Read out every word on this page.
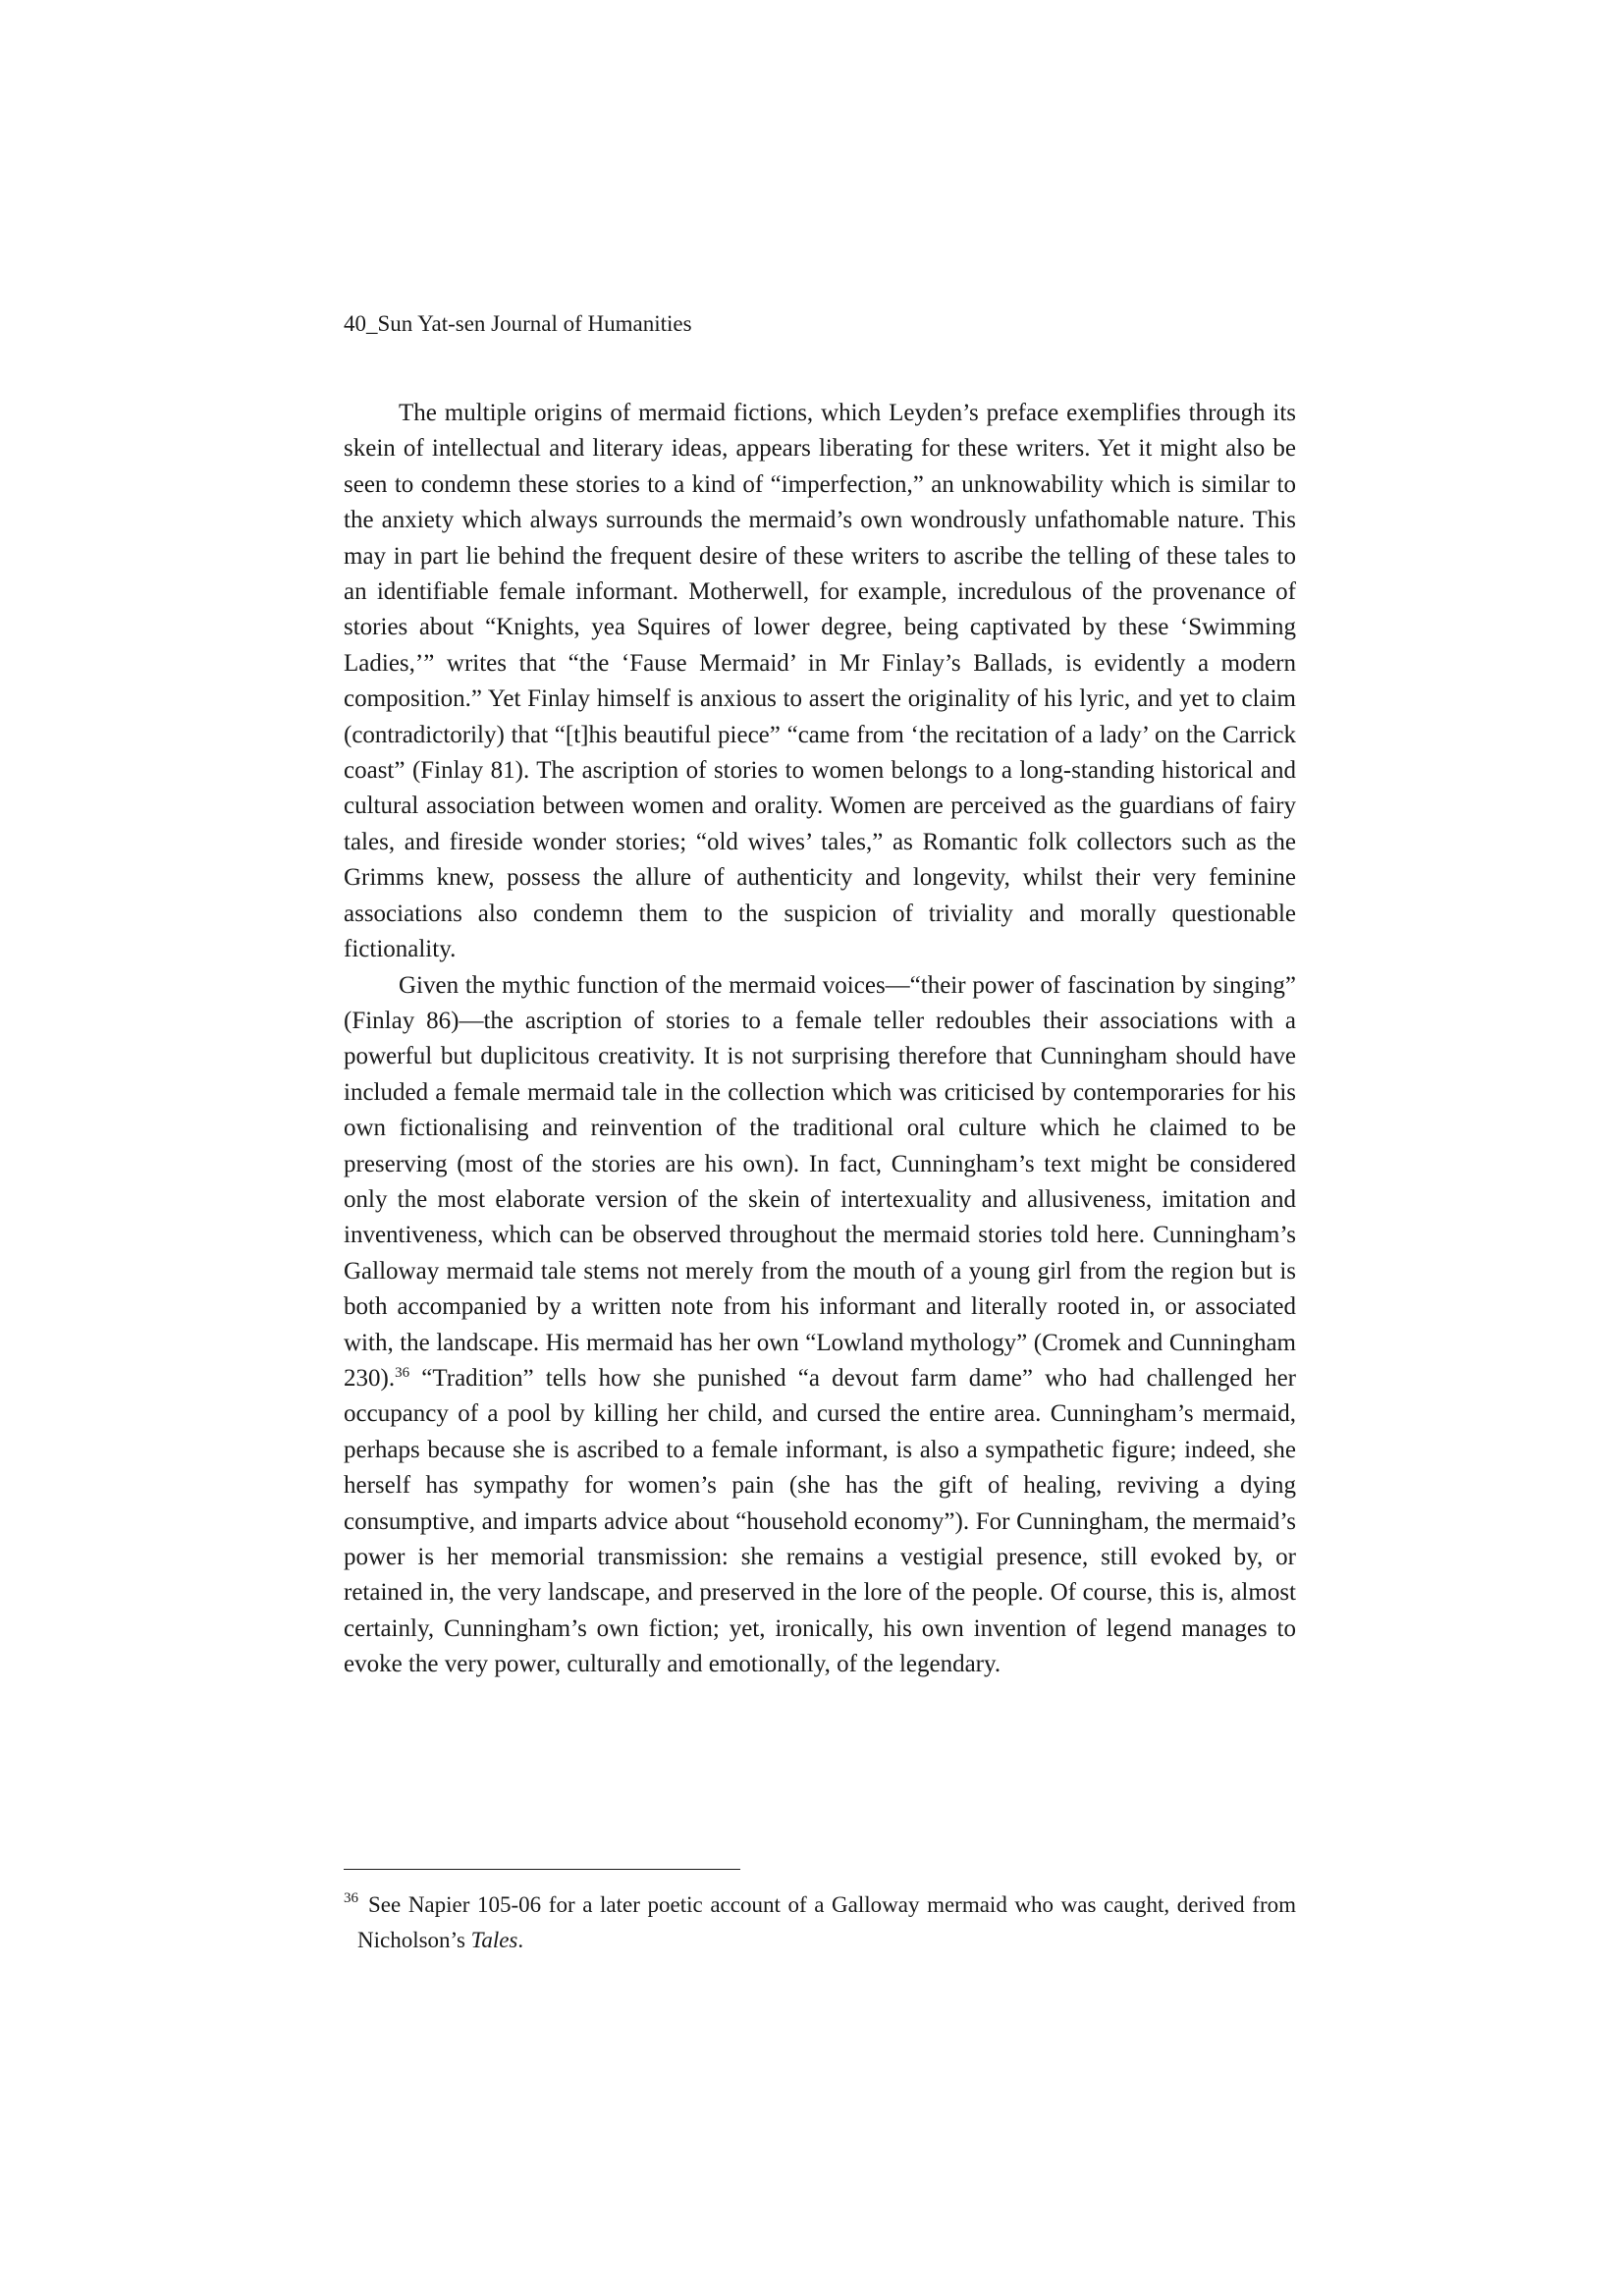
40_Sun Yat-sen Journal of Humanities

The multiple origins of mermaid fictions, which Leyden’s preface exemplifies through its skein of intellectual and literary ideas, appears liberating for these writers. Yet it might also be seen to condemn these stories to a kind of “imperfection,” an unknowability which is similar to the anxiety which always surrounds the mermaid’s own wondrously unfathomable nature. This may in part lie behind the frequent desire of these writers to ascribe the telling of these tales to an identifiable female informant. Motherwell, for example, incredulous of the provenance of stories about “Knights, yea Squires of lower degree, being captivated by these ‘Swimming Ladies,’” writes that “the ‘Fause Mermaid’ in Mr Finlay’s Ballads, is evidently a modern composition.” Yet Finlay himself is anxious to assert the originality of his lyric, and yet to claim (contradictorily) that “[t]his beautiful piece” “came from ‘the recitation of a lady’ on the Carrick coast” (Finlay 81). The ascription of stories to women belongs to a long-standing historical and cultural association between women and orality. Women are perceived as the guardians of fairy tales, and fireside wonder stories; “old wives’ tales,” as Romantic folk collectors such as the Grimms knew, possess the allure of authenticity and longevity, whilst their very feminine associations also condemn them to the suspicion of triviality and morally questionable fictionality.

Given the mythic function of the mermaid voices—“their power of fascination by singing” (Finlay 86)—the ascription of stories to a female teller redoubles their associations with a powerful but duplicitous creativity. It is not surprising therefore that Cunningham should have included a female mermaid tale in the collection which was criticised by contemporaries for his own fictionalising and reinvention of the traditional oral culture which he claimed to be preserving (most of the stories are his own). In fact, Cunningham’s text might be considered only the most elaborate version of the skein of intertexuality and allusiveness, imitation and inventiveness, which can be observed throughout the mermaid stories told here. Cunningham’s Galloway mermaid tale stems not merely from the mouth of a young girl from the region but is both accompanied by a written note from his informant and literally rooted in, or associated with, the landscape. His mermaid has her own “Lowland mythology” (Cromek and Cunningham 230).$^{36}$ “Tradition” tells how she punished “a devout farm dame” who had challenged her occupancy of a pool by killing her child, and cursed the entire area. Cunningham’s mermaid, perhaps because she is ascribed to a female informant, is also a sympathetic figure; indeed, she herself has sympathy for women’s pain (she has the gift of healing, reviving a dying consumptive, and imparts advice about “household economy”). For Cunningham, the mermaid’s power is her memorial transmission: she remains a vestigial presence, still evoked by, or retained in, the very landscape, and preserved in the lore of the people. Of course, this is, almost certainly, Cunningham’s own fiction; yet, ironically, his own invention of legend manages to evoke the very power, culturally and emotionally, of the legendary.

$^{36}$ See Napier 105-06 for a later poetic account of a Galloway mermaid who was caught, derived from Nicholson’s Tales.
